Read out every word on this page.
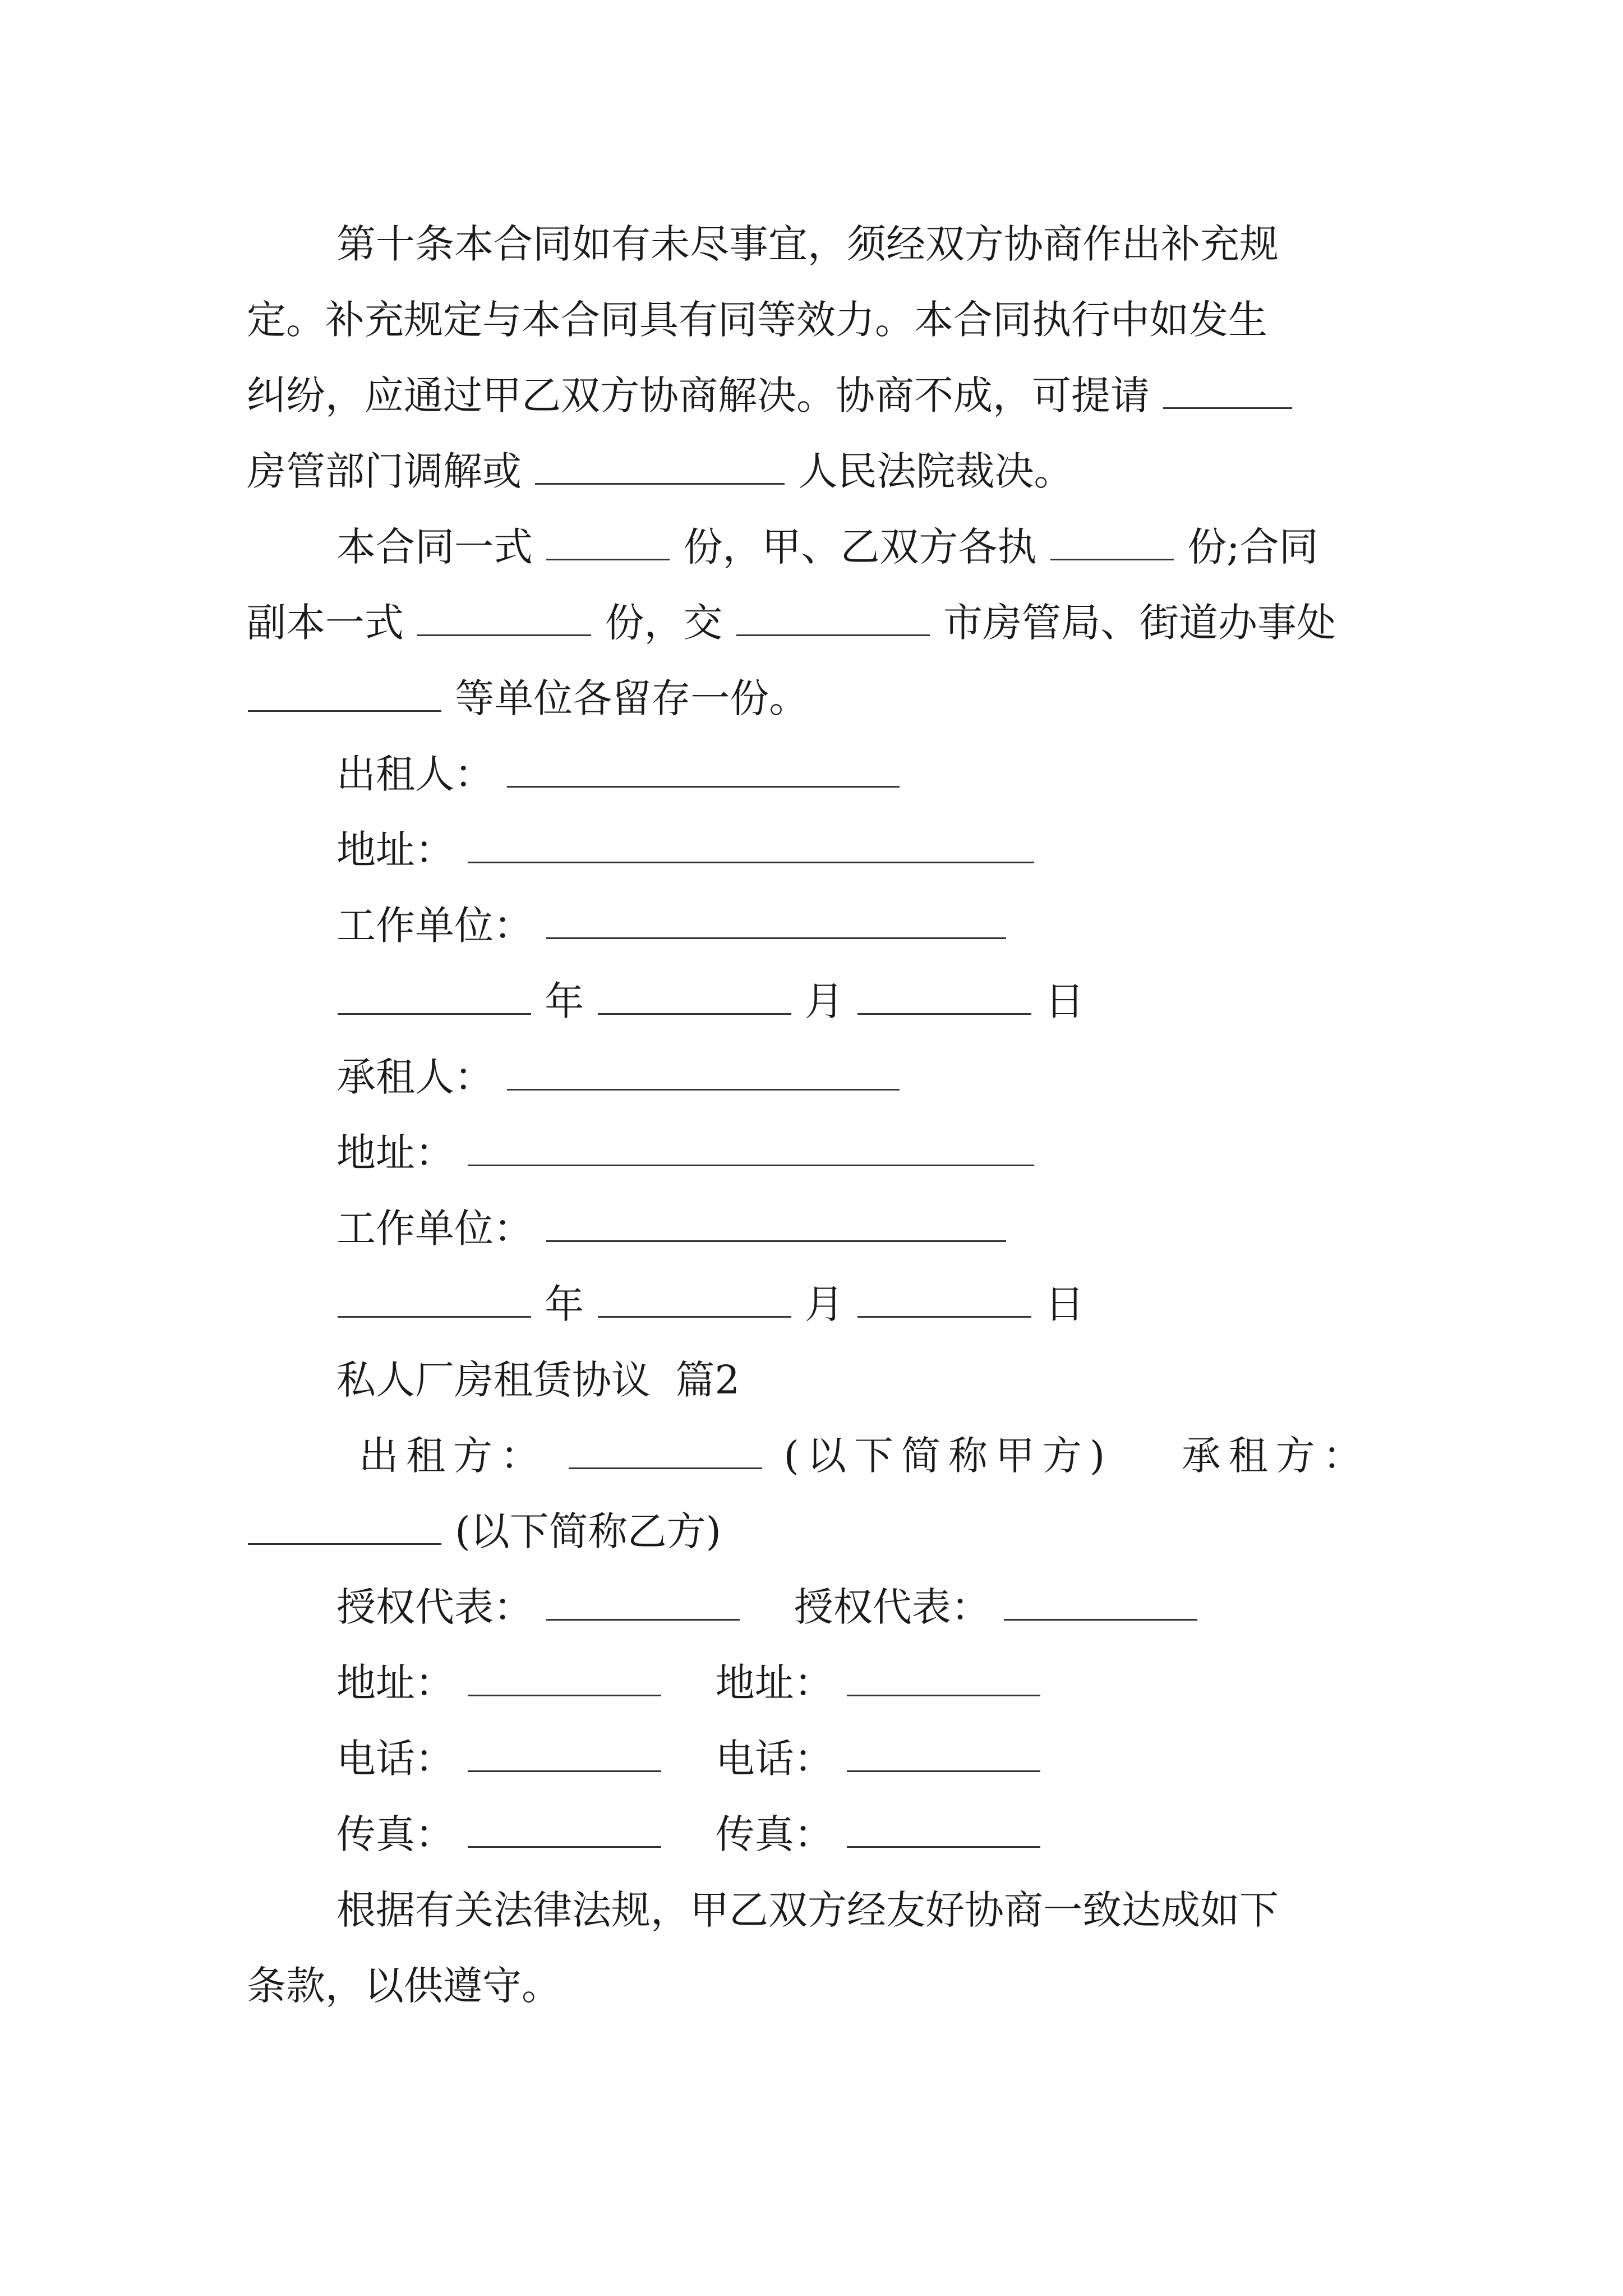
第十条本合同如有未尽事宜，须经双方协商作出补充规
定。补充规定与本合同具有同等效力。本合同执行中如发生
纠纷，应通过甲乙双方协商解决。协商不成，可提请
房管部门调解或	人民法院裁决。
本合同一式	份，甲、乙双方各执	份;合同
副本一式	份，交	市房管局、街道办事处
等单位各留存一份。
出租人：
地址：
工作单位：
年	月	日
承租人：
地址：
工作单位：
年	月	日
私人厂房租赁协议  篇2
出租方：	(以下简称甲方) 承租方：
(以下简称乙方)
授权代表：	授权代表：
地址：	地址：
电话：	电话：
传真：	传真：
根据有关法律法规，甲乙双方经友好协商一致达成如下
条款，以供遵守。
